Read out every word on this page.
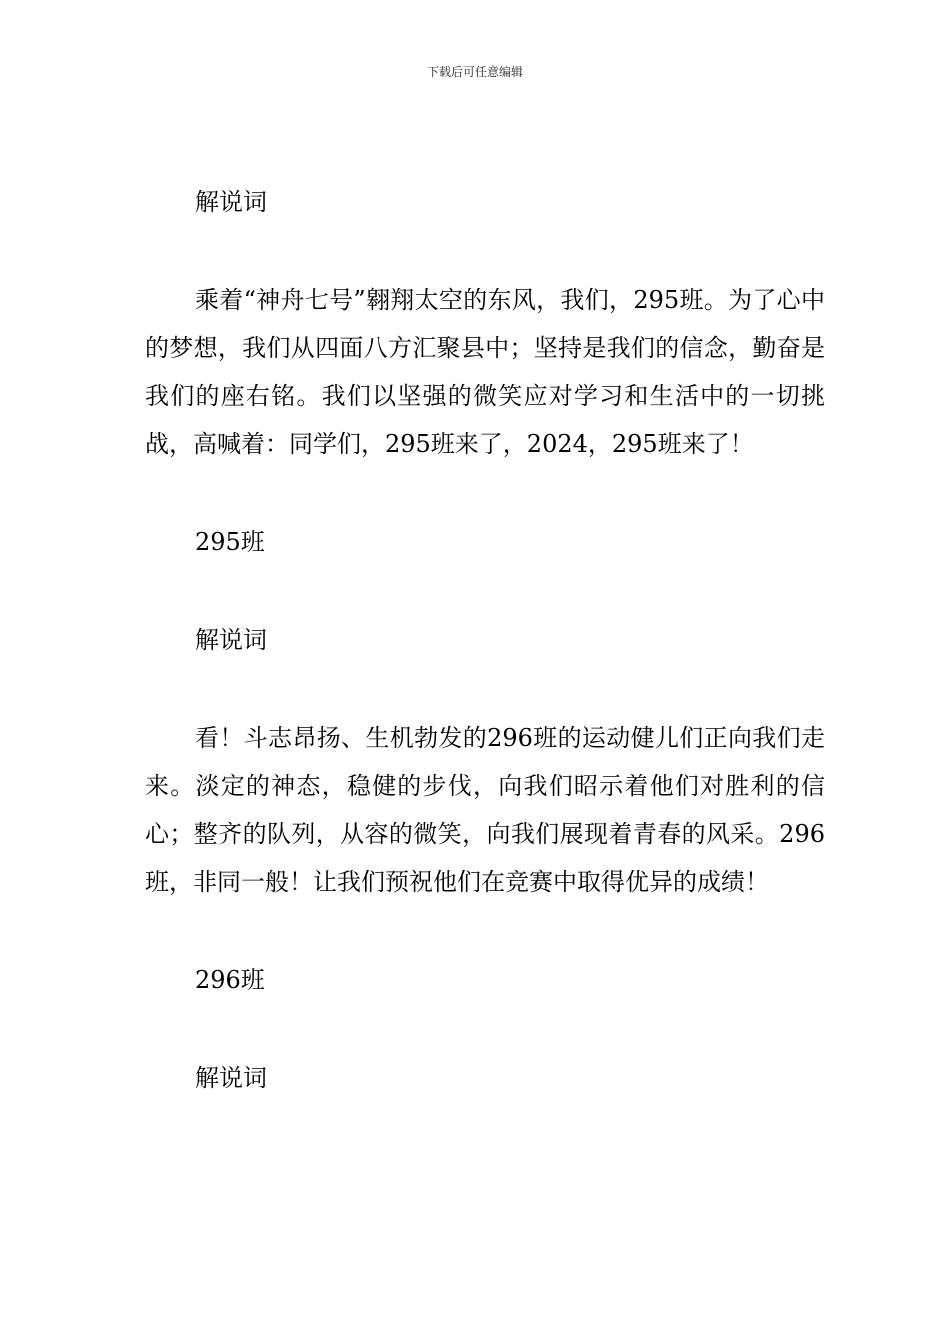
下载后可任意编辑

解说词

乘着“神舟七号”翱翔太空的东风，我们，295班。为了心中的梦想，我们从四面八方汇聚县中；坚持是我们的信念，勤奋是我们的座右铭。我们以坚强的微笑应对学习和生活中的一切挑战，高喊着：同学们，295班来了，2024，295班来了！

295班

解说词

看！斗志昂扬、生机勃发的296班的运动健儿们正向我们走来。淡定的神态，稳健的步伐，向我们昭示着他们对胜利的信心；整齐的队列，从容的微笑，向我们展现着青春的风采。296班，非同一般！让我们预祝他们在竞赛中取得优异的成绩！

296班

解说词
